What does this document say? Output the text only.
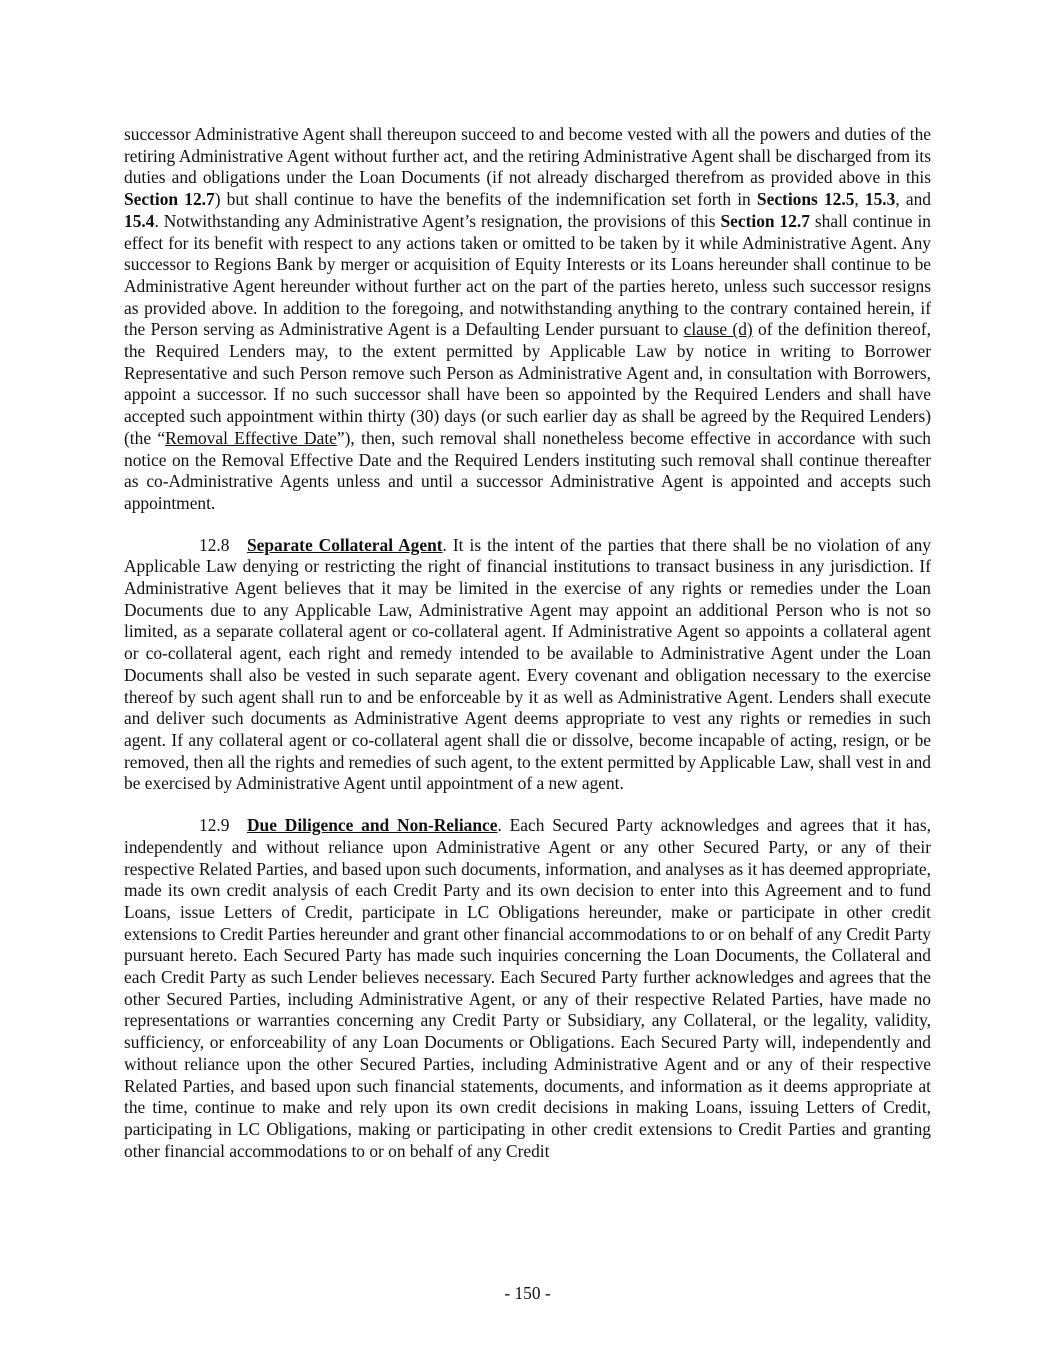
successor Administrative Agent shall thereupon succeed to and become vested with all the powers and duties of the retiring Administrative Agent without further act, and the retiring Administrative Agent shall be discharged from its duties and obligations under the Loan Documents (if not already discharged therefrom as provided above in this Section 12.7) but shall continue to have the benefits of the indemnification set forth in Sections 12.5, 15.3, and 15.4. Notwithstanding any Administrative Agent’s resignation, the provisions of this Section 12.7 shall continue in effect for its benefit with respect to any actions taken or omitted to be taken by it while Administrative Agent. Any successor to Regions Bank by merger or acquisition of Equity Interests or its Loans hereunder shall continue to be Administrative Agent hereunder without further act on the part of the parties hereto, unless such successor resigns as provided above. In addition to the foregoing, and notwithstanding anything to the contrary contained herein, if the Person serving as Administrative Agent is a Defaulting Lender pursuant to clause (d) of the definition thereof, the Required Lenders may, to the extent permitted by Applicable Law by notice in writing to Borrower Representative and such Person remove such Person as Administrative Agent and, in consultation with Borrowers, appoint a successor. If no such successor shall have been so appointed by the Required Lenders and shall have accepted such appointment within thirty (30) days (or such earlier day as shall be agreed by the Required Lenders) (the “Removal Effective Date”), then, such removal shall nonetheless become effective in accordance with such notice on the Removal Effective Date and the Required Lenders instituting such removal shall continue thereafter as co-Administrative Agents unless and until a successor Administrative Agent is appointed and accepts such appointment.

12.8 Separate Collateral Agent. It is the intent of the parties that there shall be no violation of any Applicable Law denying or restricting the right of financial institutions to transact business in any jurisdiction. If Administrative Agent believes that it may be limited in the exercise of any rights or remedies under the Loan Documents due to any Applicable Law, Administrative Agent may appoint an additional Person who is not so limited, as a separate collateral agent or co-collateral agent. If Administrative Agent so appoints a collateral agent or co-collateral agent, each right and remedy intended to be available to Administrative Agent under the Loan Documents shall also be vested in such separate agent. Every covenant and obligation necessary to the exercise thereof by such agent shall run to and be enforceable by it as well as Administrative Agent. Lenders shall execute and deliver such documents as Administrative Agent deems appropriate to vest any rights or remedies in such agent. If any collateral agent or co-collateral agent shall die or dissolve, become incapable of acting, resign, or be removed, then all the rights and remedies of such agent, to the extent permitted by Applicable Law, shall vest in and be exercised by Administrative Agent until appointment of a new agent.

12.9 Due Diligence and Non-Reliance. Each Secured Party acknowledges and agrees that it has, independently and without reliance upon Administrative Agent or any other Secured Party, or any of their respective Related Parties, and based upon such documents, information, and analyses as it has deemed appropriate, made its own credit analysis of each Credit Party and its own decision to enter into this Agreement and to fund Loans, issue Letters of Credit, participate in LC Obligations hereunder, make or participate in other credit extensions to Credit Parties hereunder and grant other financial accommodations to or on behalf of any Credit Party pursuant hereto. Each Secured Party has made such inquiries concerning the Loan Documents, the Collateral and each Credit Party as such Lender believes necessary. Each Secured Party further acknowledges and agrees that the other Secured Parties, including Administrative Agent, or any of their respective Related Parties, have made no representations or warranties concerning any Credit Party or Subsidiary, any Collateral, or the legality, validity, sufficiency, or enforceability of any Loan Documents or Obligations. Each Secured Party will, independently and without reliance upon the other Secured Parties, including Administrative Agent and or any of their respective Related Parties, and based upon such financial statements, documents, and information as it deems appropriate at the time, continue to make and rely upon its own credit decisions in making Loans, issuing Letters of Credit, participating in LC Obligations, making or participating in other credit extensions to Credit Parties and granting other financial accommodations to or on behalf of any Credit

- 150 -
